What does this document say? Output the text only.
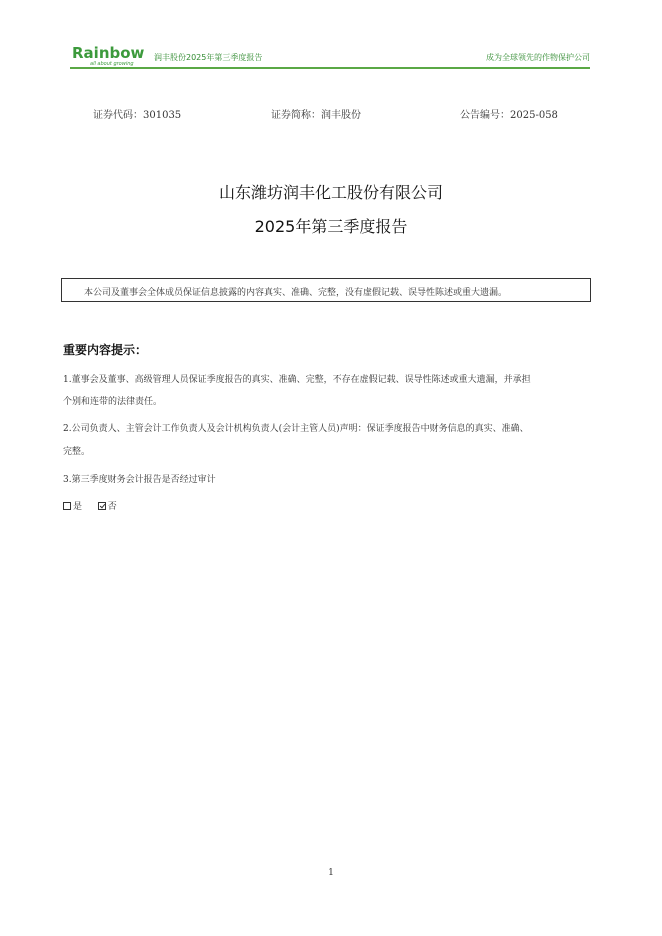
Rainbow
all about growing
润丰股份2025年第三季度报告	成为全球领先的作物保护公司
证券代码：301035	证券简称：润丰股份	公告编号：2025-058
山东潍坊润丰化工股份有限公司
2025年第三季度报告
本公司及董事会全体成员保证信息披露的内容真实、准确、完整，没有虚假记载、误导性陈述或重大遗漏。
重要内容提示：
1.董事会及董事、高级管理人员保证季度报告的真实、准确、完整，不存在虚假记载、误导性陈述或重大遗漏，并承担
个别和连带的法律责任。
2.公司负责人、主管会计工作负责人及会计机构负责人(会计主管人员)声明：保证季度报告中财务信息的真实、准确、
完整。
3.第三季度财务会计报告是否经过审计
是	否
1
